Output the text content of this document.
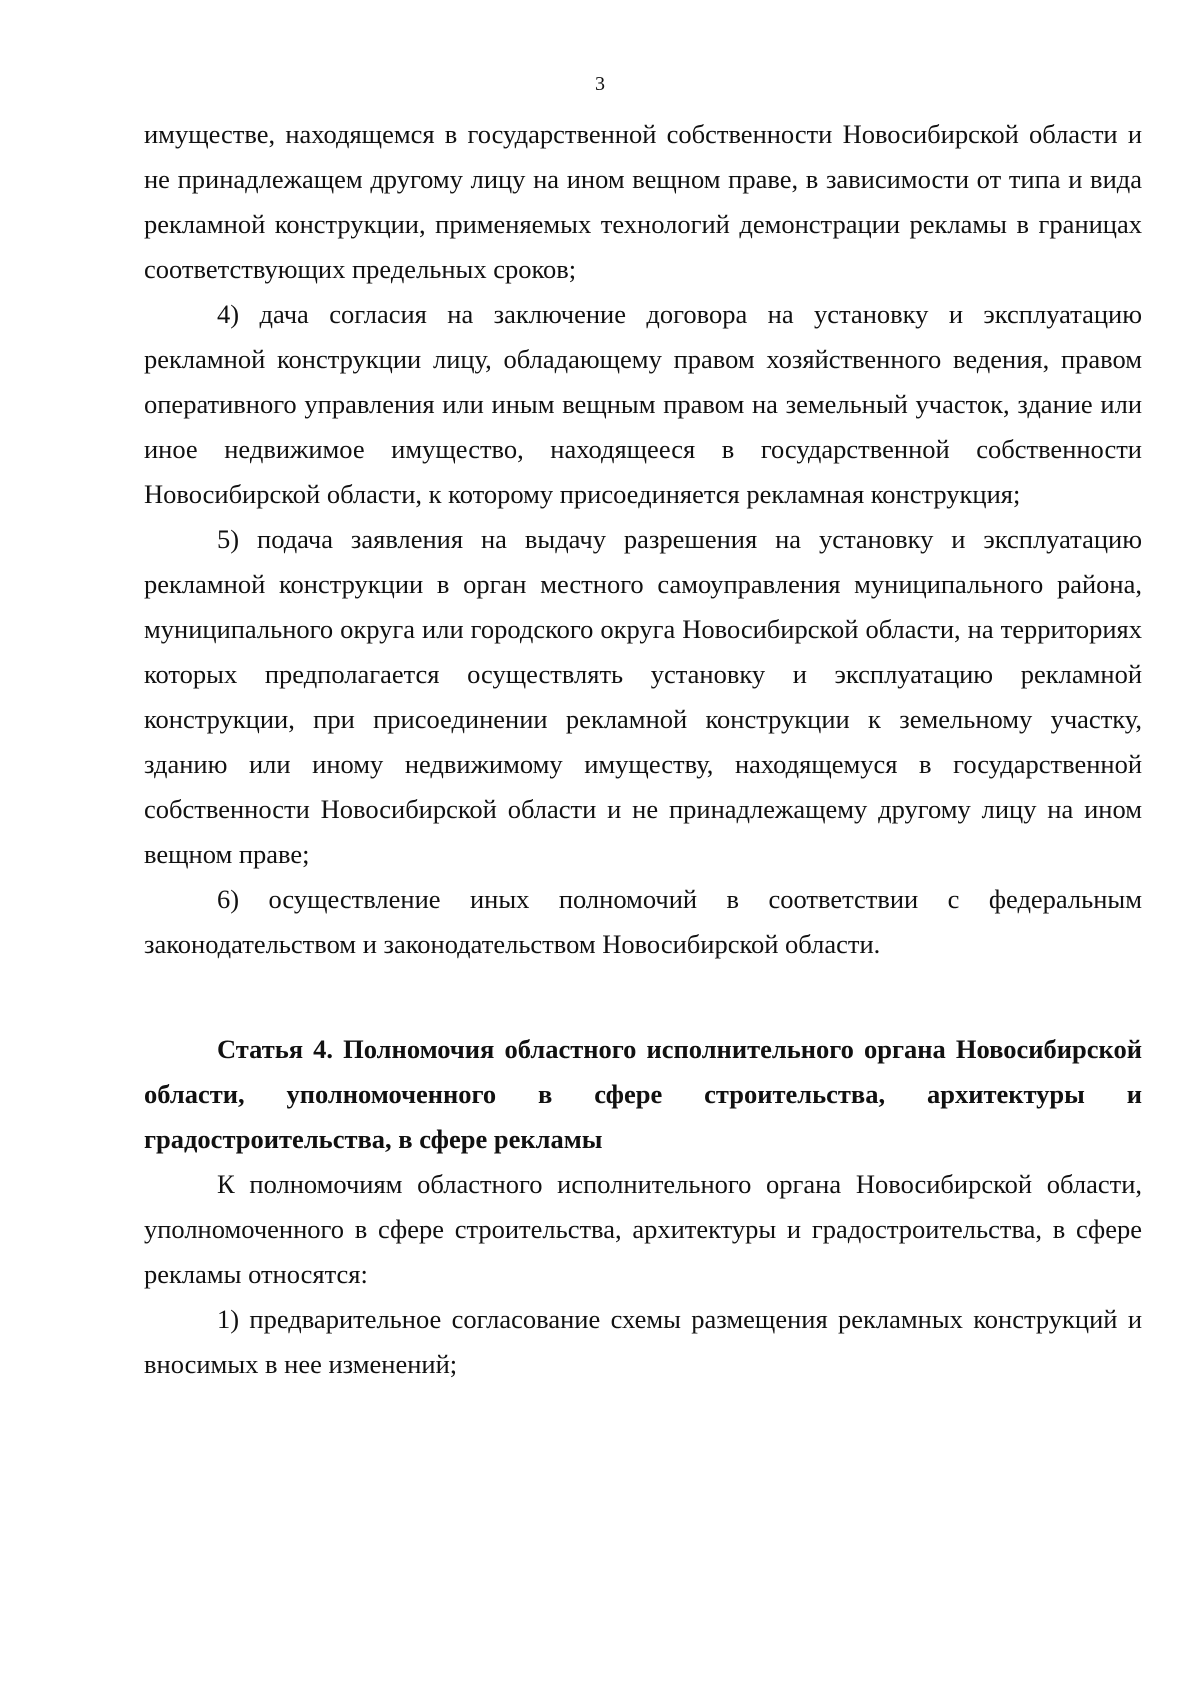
3

имуществе, находящемся в государственной собственности Новосибирской области и не принадлежащем другому лицу на ином вещном праве, в зависимости от типа и вида рекламной конструкции, применяемых технологий демонстрации рекламы в границах соответствующих предельных сроков;

4) дача согласия на заключение договора на установку и эксплуатацию рекламной конструкции лицу, обладающему правом хозяйственного ведения, правом оперативного управления или иным вещным правом на земельный участок, здание или иное недвижимое имущество, находящееся в государственной собственности Новосибирской области, к которому присоединяется рекламная конструкция;

5) подача заявления на выдачу разрешения на установку и эксплуатацию рекламной конструкции в орган местного самоуправления муниципального района, муниципального округа или городского округа Новосибирской области, на территориях которых предполагается осуществлять установку и эксплуатацию рекламной конструкции, при присоединении рекламной конструкции к земельному участку, зданию или иному недвижимому имуществу, находящемуся в государственной собственности Новосибирской области и не принадлежащему другому лицу на ином вещном праве;

6) осуществление иных полномочий в соответствии с федеральным законодательством и законодательством Новосибирской области.

Статья 4. Полномочия областного исполнительного органа Новосибирской области, уполномоченного в сфере строительства, архитектуры и градостроительства, в сфере рекламы

К полномочиям областного исполнительного органа Новосибирской области, уполномоченного в сфере строительства, архитектуры и градостроительства, в сфере рекламы относятся:

1) предварительное согласование схемы размещения рекламных конструкций и вносимых в нее изменений;
